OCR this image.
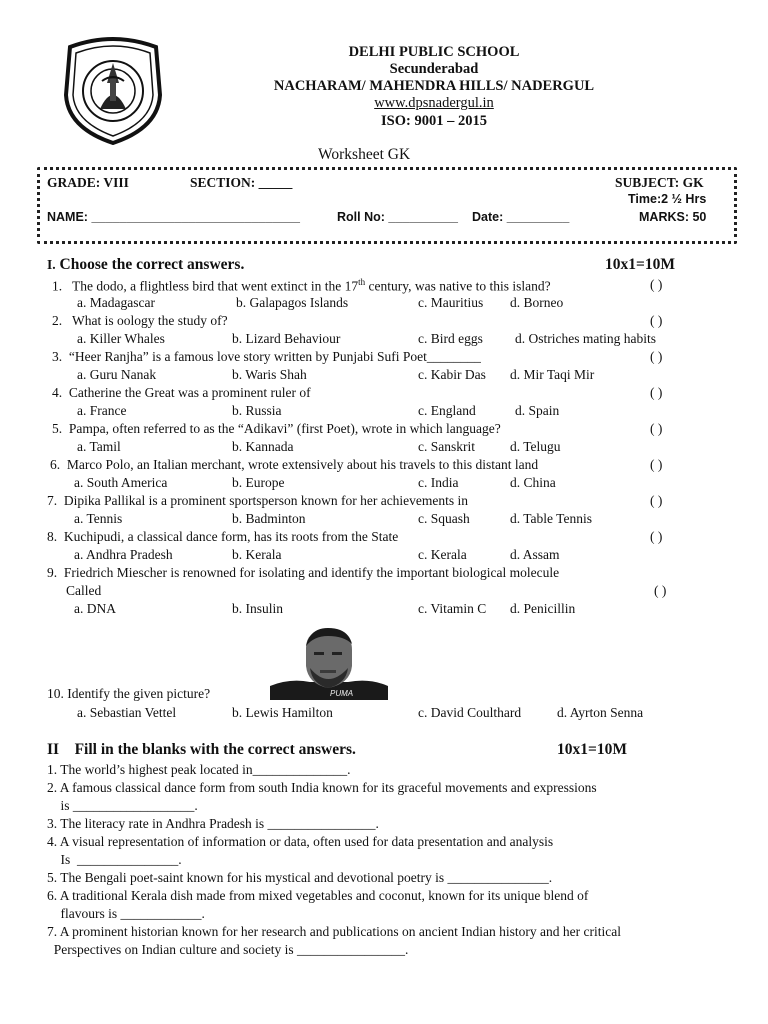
DELHI PUBLIC SCHOOL
Secunderabad
NACHARAM/ MAHENDRA HILLS/ NADERGUL
www.dpsnadergul.in
ISO: 9001 – 2015
Worksheet GK
GRADE: VIII	SECTION: _____	SUBJECT: GK
Time:2 ½ Hrs
NAME: ______________________________	Roll No: __________ Date: _________	MARKS: 50
I. Choose the correct answers.	10x1=10M
1. The dodo, a flightless bird that went extinct in the 17th century, was native to this island?	( )
a. Madagascar	b. Galapagos Islands	c. Mauritius d. Borneo
2. What is oology the study of?	( )
a. Killer Whales	b. Lizard Behaviour	c. Bird eggs d. Ostriches mating habits
3. “Heer Ranjha” is a famous love story written by Punjabi Sufi Poet________	( )
a. Guru Nanak	b. Waris Shah	c. Kabir Das d. Mir Taqi Mir
4. Catherine the Great was a prominent ruler of	( )
a. France	b. Russia	c. England	d. Spain
5. Pampa, often referred to as the “Adikavi” (first Poet), wrote in which language?	( )
a. Tamil	b. Kannada	c. Sanskrit	d. Telugu
6. Marco Polo, an Italian merchant, wrote extensively about his travels to this distant land	( )
a. South America	b. Europe	c. India	d. China
7. Dipika Pallikal is a prominent sportsperson known for her achievements in	( )
a. Tennis	b. Badminton	c. Squash	d. Table Tennis
8. Kuchipudi, a classical dance form, has its roots from the State	( )
a. Andhra Pradesh	b. Kerala	c. Kerala	d. Assam
9. Friedrich Miescher is renowned for isolating and identify the important biological molecule
Called	( )
a. DNA	b. Insulin	c. Vitamin C d. Penicillin
PUMA
10. Identify the given picture?
a. Sebastian Vettel	b. Lewis Hamilton	c. David Coulthard	d. Ayrton Senna
II Fill in the blanks with the correct answers.	10x1=10M
1. The world’s highest peak located in______________.
2. A famous classical dance form from south India known for its graceful movements and expressions
is __________________.
3. The literacy rate in Andhra Pradesh is ________________.
4. A visual representation of information or data, often used for data presentation and analysis
Is  _______________.
5. The Bengali poet-saint known for his mystical and devotional poetry is _______________.
6. A traditional Kerala dish made from mixed vegetables and coconut, known for its unique blend of
flavours is ____________.
7. A prominent historian known for her research and publications on ancient Indian history and her critical
Perspectives on Indian culture and society is ________________.
